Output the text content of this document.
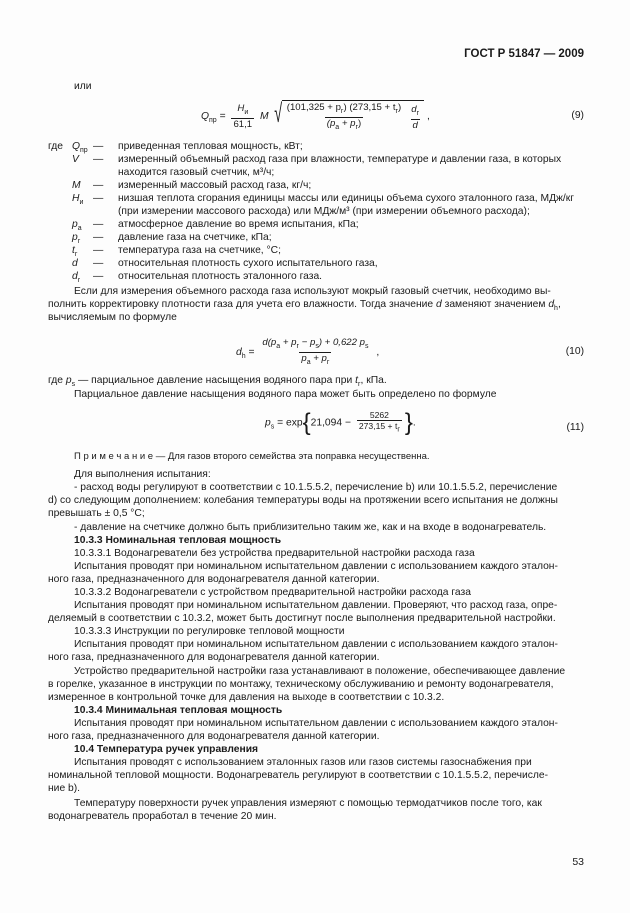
ГОСТ Р 51847 — 2009
или
$Q_{пр} = \frac{H_и}{61,1}$ M √ $\frac{(101,325 + p_г) (273,15 + t_г)}{(p_a + p_г)} \frac{d_г}{d}$ ,	(9)
где $Q_{пр}$ — приведенная тепловая мощность, кВт;
V	— измеренный объемный расход газа при влажности, температуре и давлении газа, в которых
находится газовый счетчик, м³/ч;
M	— измеренный массовый расход газа, кг/ч;
$H_и$ — низшая теплота сгорания единицы массы или единицы объема сухого эталонного газа, МДж/кг
(при измерении массового расхода) или МДж/м³ (при измерении объемного расхода);
$p_a$	— атмосферное давление во время испытания, кПа;
$p_г$	— давление газа на счетчике, кПа;
$t_г$	— температура газа на счетчике, °С;
d	— относительная плотность сухого испытательного газа,
$d_r$	— относительная плотность эталонного газа.
Если для измерения объемного расхода газа используют мокрый газовый счетчик, необходимо вы-
полнить корректировку плотности газа для учета его влажности. Тогда значение d заменяют значением $d_h$,
вычисляемым по формуле
$d_h = \frac{d(p_a + p_г - p_s) + 0,622 p_s}{p_a + p_г}$ ,	(10)
где $p_s$ — парциальное давление насыщения водяного пара при $t_г$, кПа.
Парциальное давление насыщения водяного пара может быть определено по формуле
$p_s = \exp\{21,094 - \frac{5262}{273,15 + t_г}$ }.	(11)
П р и м е ч а н и е — Для газов второго семейства эта поправка несущественна.
Для выполнения испытания:
- расход воды регулируют в соответствии с 10.1.5.5.2, перечисление b) или 10.1.5.5.2, перечисление
d) со следующим дополнением: колебания температуры воды на протяжении всего испытания не должны
превышать ± 0,5 °С;
- давление на счетчике должно быть приблизительно таким же, как и на входе в водонагреватель.
10.3.3 Номинальная тепловая мощность
10.3.3.1 Водонагреватели без устройства предварительной настройки расхода газа
Испытания проводят при номинальном испытательном давлении с использованием каждого эталон-
ного газа, предназначенного для водонагревателя данной категории.
10.3.3.2 Водонагреватели с устройством предварительной настройки расхода газа
Испытания проводят при номинальном испытательном давлении. Проверяют, что расход газа, опре-
деляемый в соответствии с 10.3.2, может быть достигнут после выполнения предварительной настройки.
10.3.3.3 Инструкции по регулировке тепловой мощности
Испытания проводят при номинальном испытательном давлении с использованием каждого эталон-
ного газа, предназначенного для водонагревателя данной категории.
Устройство предварительной настройки газа устанавливают в положение, обеспечивающее давление
в горелке, указанное в инструкции по монтажу, техническому обслуживанию и ремонту водонагревателя,
измеренное в контрольной точке для давления на выходе в соответствии с 10.3.2.
10.3.4 Минимальная тепловая мощность
Испытания проводят при номинальном испытательном давлении с использованием каждого эталон-
ного газа, предназначенного для водонагревателя данной категории.
10.4 Температура ручек управления
Испытания проводят с использованием эталонных газов или газов системы газоснабжения при
номинальной тепловой мощности. Водонагреватель регулируют в соответствии с 10.1.5.5.2, перечисле-
ние b).
Температуру поверхности ручек управления измеряют с помощью термодатчиков после того, как
водонагреватель проработал в течение 20 мин.
53
